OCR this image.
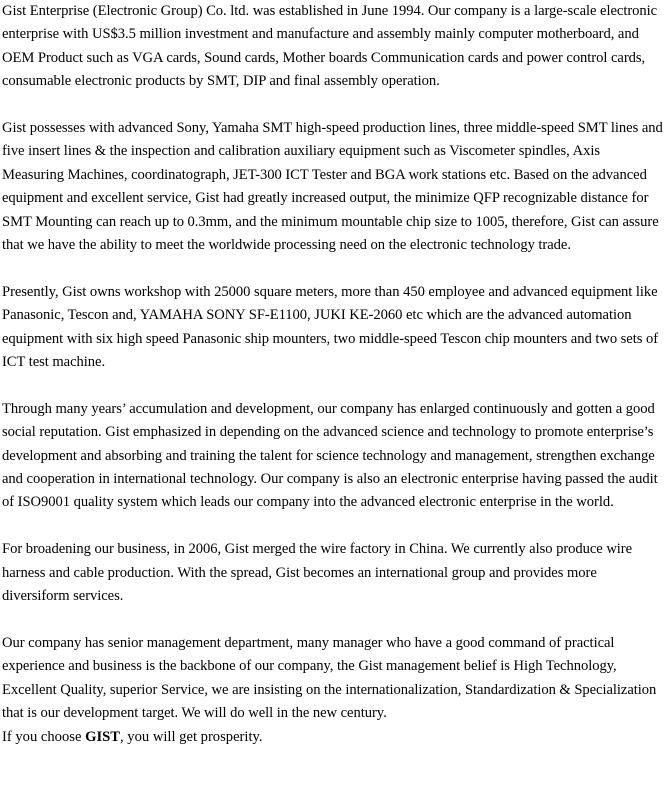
Gist Enterprise (Electronic Group) Co. ltd. was established in June 1994. Our company is a large-scale electronic enterprise with US$3.5 million investment and manufacture and assembly mainly computer motherboard, and OEM Product such as VGA cards, Sound cards, Mother boards Communication cards and power control cards, consumable electronic products by SMT, DIP and final assembly operation.

Gist possesses with advanced Sony, Yamaha SMT high-speed production lines, three middle-speed SMT lines and five insert lines & the inspection and calibration auxiliary equipment such as Viscometer spindles, Axis Measuring Machines, coordinatograph, JET-300 ICT Tester and BGA work stations etc. Based on the advanced equipment and excellent service, Gist had greatly increased output, the minimize QFP recognizable distance for SMT Mounting can reach up to 0.3mm, and the minimum mountable chip size to 1005, therefore, Gist can assure that we have the ability to meet the worldwide processing need on the electronic technology trade.

Presently, Gist owns workshop with 25000 square meters, more than 450 employee and advanced equipment like Panasonic, Tescon and, YAMAHA SONY SF-E1100, JUKI KE-2060 etc which are the advanced automation equipment with six high speed Panasonic ship mounters, two middle-speed Tescon chip mounters and two sets of ICT test machine.

Through many years’ accumulation and development, our company has enlarged continuously and gotten a good social reputation. Gist emphasized in depending on the advanced science and technology to promote enterprise’s development and absorbing and training the talent for science technology and management, strengthen exchange and cooperation in international technology. Our company is also an electronic enterprise having passed the audit of ISO9001 quality system which leads our company into the advanced electronic enterprise in the world.

For broadening our business, in 2006, Gist merged the wire factory in China. We currently also produce wire harness and cable production. With the spread, Gist becomes an international group and provides more diversiform services.

Our company has senior management department, many manager who have a good command of practical experience and business is the backbone of our company, the Gist management belief is High Technology, Excellent Quality, superior Service, we are insisting on the internationalization, Standardization & Specialization that is our development target. We will do well in the new century.

If you choose GIST, you will get prosperity.
